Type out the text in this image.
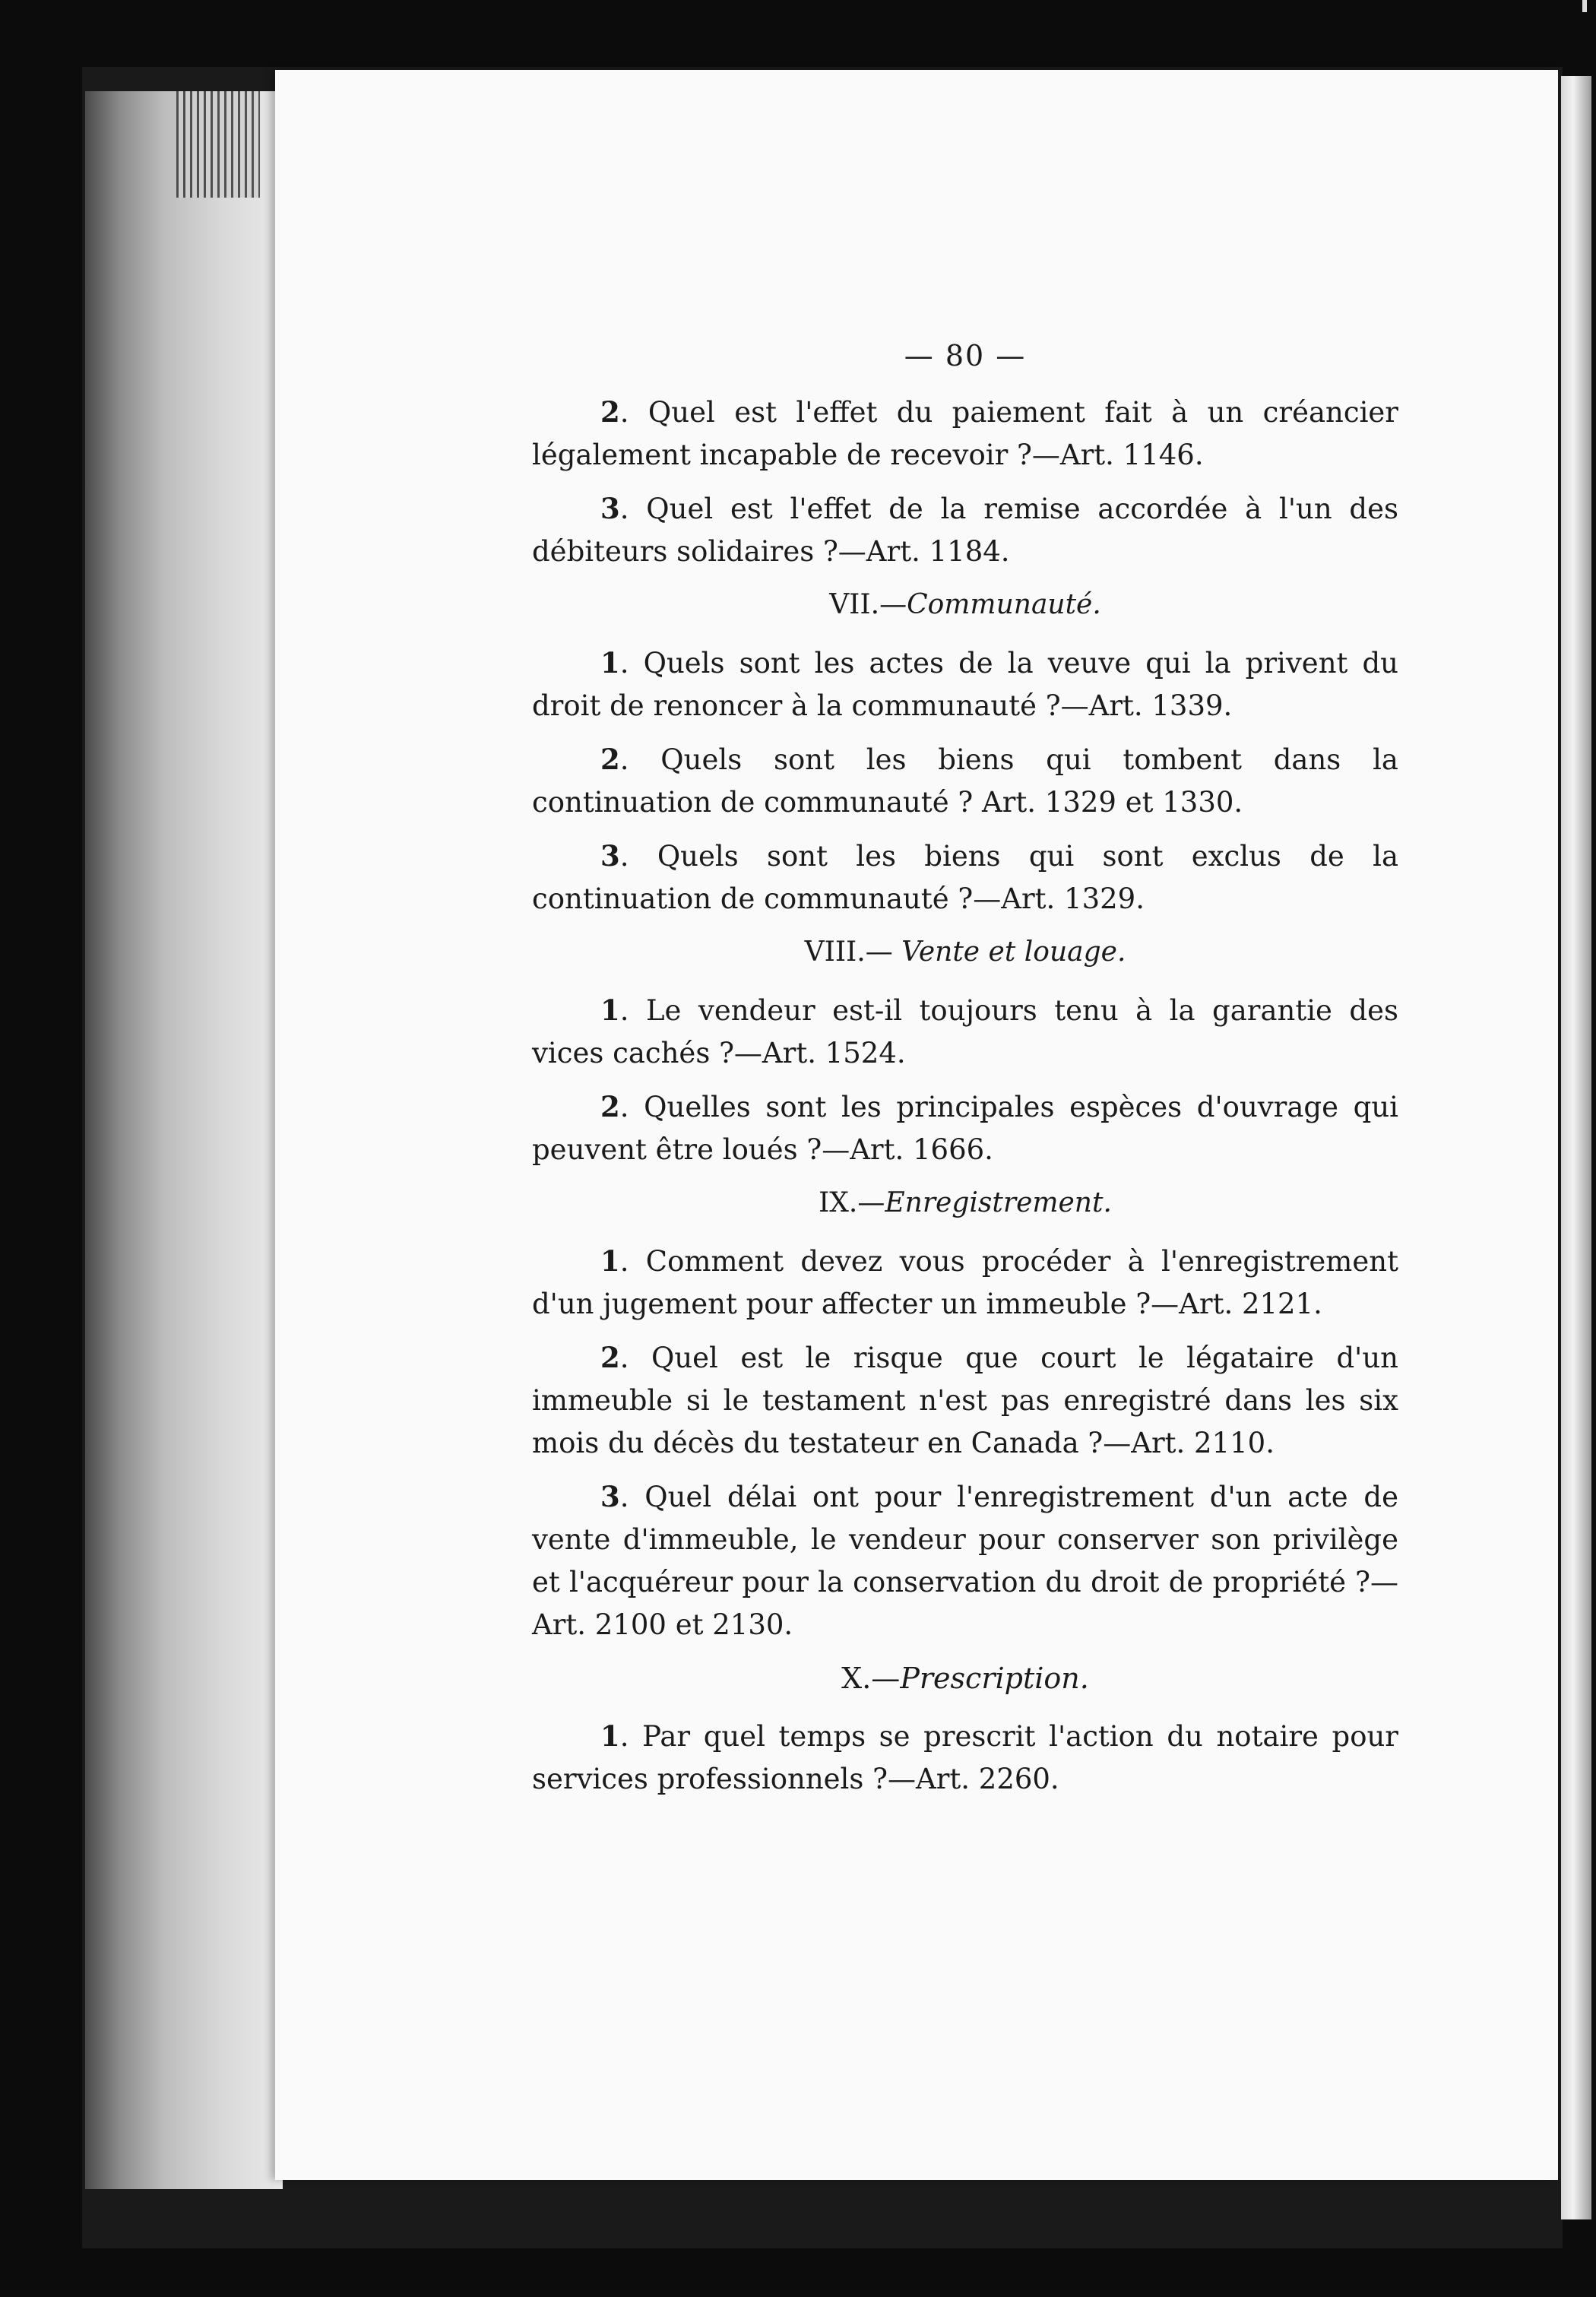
— 80 —

2. Quel est l'effet du paiement fait à un créancier légalement incapable de recevoir ?—Art. 1146.

3. Quel est l'effet de la remise accordée à l'un des débiteurs solidaires ?—Art. 1184.

VII.—Communauté.

1. Quels sont les actes de la veuve qui la privent du droit de renoncer à la communauté ?—Art. 1339.

2. Quels sont les biens qui tombent dans la continuation de communauté ? Art. 1329 et 1330.

3. Quels sont les biens qui sont exclus de la continuation de communauté ?—Art. 1329.

VIII.— Vente et louage.

1. Le vendeur est-il toujours tenu à la garantie des vices cachés ?—Art. 1524.

2. Quelles sont les principales espèces d'ouvrage qui peuvent être loués ?—Art. 1666.

IX.—Enregistrement.

1. Comment devez vous procéder à l'enregistrement d'un jugement pour affecter un immeuble ?—Art. 2121.

2. Quel est le risque que court le légataire d'un immeuble si le testament n'est pas enregistré dans les six mois du décès du testateur en Canada ?—Art. 2110.

3. Quel délai ont pour l'enregistrement d'un acte de vente d'immeuble, le vendeur pour conserver son privilège et l'acquéreur pour la conservation du droit de propriété ?—Art. 2100 et 2130.

X.—Prescription.

1. Par quel temps se prescrit l'action du notaire pour services professionnels ?—Art. 2260.
